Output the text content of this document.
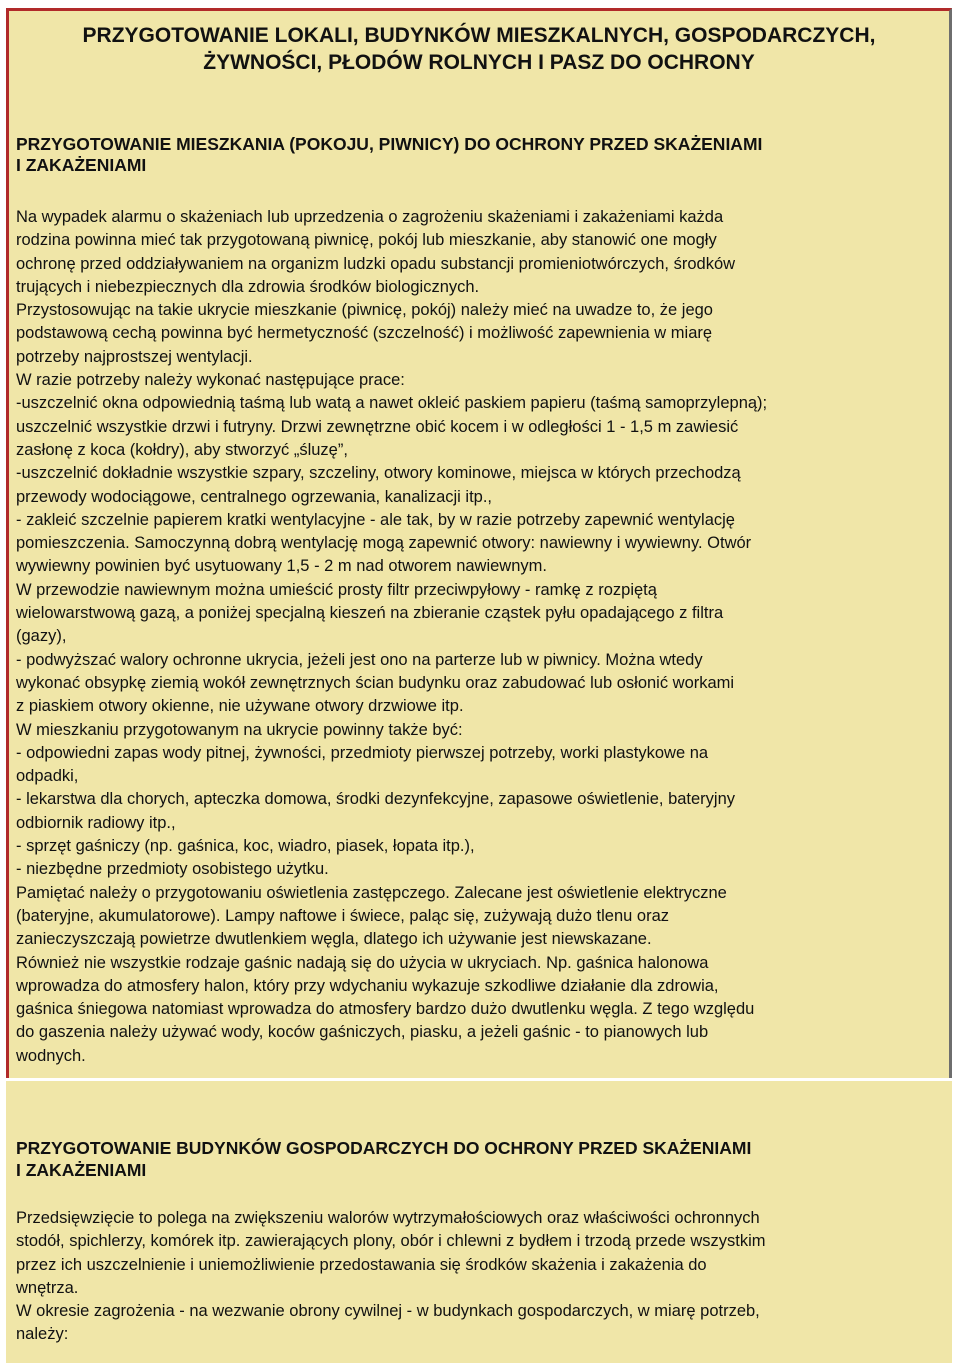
PRZYGOTOWANIE LOKALI, BUDYNKÓW MIESZKALNYCH, GOSPODARCZYCH,
ŻYWNOŚCI, PŁODÓW ROLNYCH I PASZ DO OCHRONY
PRZYGOTOWANIE MIESZKANIA (POKOJU, PIWNICY) DO OCHRONY PRZED SKAŻENIAMI
I ZAKAŻENIAMI
Na wypadek alarmu o skażeniach lub uprzedzenia o zagrożeniu skażeniami i zakażeniami każda
rodzina powinna mieć tak przygotowaną piwnicę, pokój lub mieszkanie, aby stanowić one mogły
ochronę przed oddziaływaniem na organizm ludzki opadu substancji promieniotwórczych, środków
trujących i niebezpiecznych dla zdrowia środków biologicznych.
Przystosowując na takie ukrycie mieszkanie (piwnicę, pokój) należy mieć na uwadze to, że jego
podstawową cechą powinna być hermetyczność (szczelność) i możliwość zapewnienia w miarę
potrzeby najprostszej wentylacji.
W razie potrzeby należy wykonać następujące prace:
-uszczelnić okna odpowiednią taśmą lub watą a nawet okleić paskiem papieru (taśmą samoprzylepną);
uszczelnić wszystkie drzwi i futryny. Drzwi zewnętrzne obić kocem i w odległości 1 - 1,5 m zawiesić
zasłonę z koca (kołdry), aby stworzyć „śluzę”,
-uszczelnić dokładnie wszystkie szpary, szczeliny, otwory kominowe, miejsca w których przechodzą
przewody wodociągowe, centralnego ogrzewania, kanalizacji itp.,
- zakleić szczelnie papierem kratki wentylacyjne - ale tak, by w razie potrzeby zapewnić wentylację
pomieszczenia. Samoczynną dobrą wentylację mogą zapewnić otwory: nawiewny i wywiewny. Otwór
wywiewny powinien być usytuowany 1,5 - 2 m nad otworem nawiewnym.
W przewodzie nawiewnym można umieścić prosty filtr przeciwpyłowy - ramkę z rozpiętą
wielowarstwową gazą, a poniżej specjalną kieszeń na zbieranie cząstek pyłu opadającego z filtra
(gazy),
- podwyższać walory ochronne ukrycia, jeżeli jest ono na parterze lub w piwnicy. Można wtedy
wykonać obsypkę ziemią wokół zewnętrznych ścian budynku oraz zabudować lub osłonić workami
z piaskiem otwory okienne, nie używane otwory drzwiowe itp.
W mieszkaniu przygotowanym na ukrycie powinny także być:
- odpowiedni zapas wody pitnej, żywności, przedmioty pierwszej potrzeby, worki plastykowe na
odpadki,
- lekarstwa dla chorych, apteczka domowa, środki dezynfekcyjne, zapasowe oświetlenie, bateryjny
odbiornik radiowy itp.,
- sprzęt gaśniczy (np. gaśnica, koc, wiadro, piasek, łopata itp.),
- niezbędne przedmioty osobistego użytku.
Pamiętać należy o przygotowaniu oświetlenia zastępczego. Zalecane jest oświetlenie elektryczne
(bateryjne, akumulatorowe). Lampy naftowe i świece, paląc się, zużywają dużo tlenu oraz
zanieczyszczają powietrze dwutlenkiem węgla, dlatego ich używanie jest niewskazane.
Również nie wszystkie rodzaje gaśnic nadają się do użycia w ukryciach. Np. gaśnica halonowa
wprowadza do atmosfery halon, który przy wdychaniu wykazuje szkodliwe działanie dla zdrowia,
gaśnica śniegowa natomiast wprowadza do atmosfery bardzo dużo dwutlenku węgla. Z tego względu
do gaszenia należy używać wody, koców gaśniczych, piasku, a jeżeli gaśnic - to pianowych lub
wodnych.
PRZYGOTOWANIE BUDYNKÓW GOSPODARCZYCH DO OCHRONY PRZED SKAŻENIAMI
I ZAKAŻENIAMI
Przedsięwzięcie to polega na zwiększeniu walorów wytrzymałościowych oraz właściwości ochronnych
stodół, spichlerzy, komórek itp. zawierających plony, obór i chlewni z bydłem i trzodą przede wszystkim
przez ich uszczelnienie i uniemożliwienie przedostawania się środków skażenia i zakażenia do
wnętrza.
W okresie zagrożenia - na wezwanie obrony cywilnej - w budynkach gospodarczych, w miarę potrzeb,
należy:
